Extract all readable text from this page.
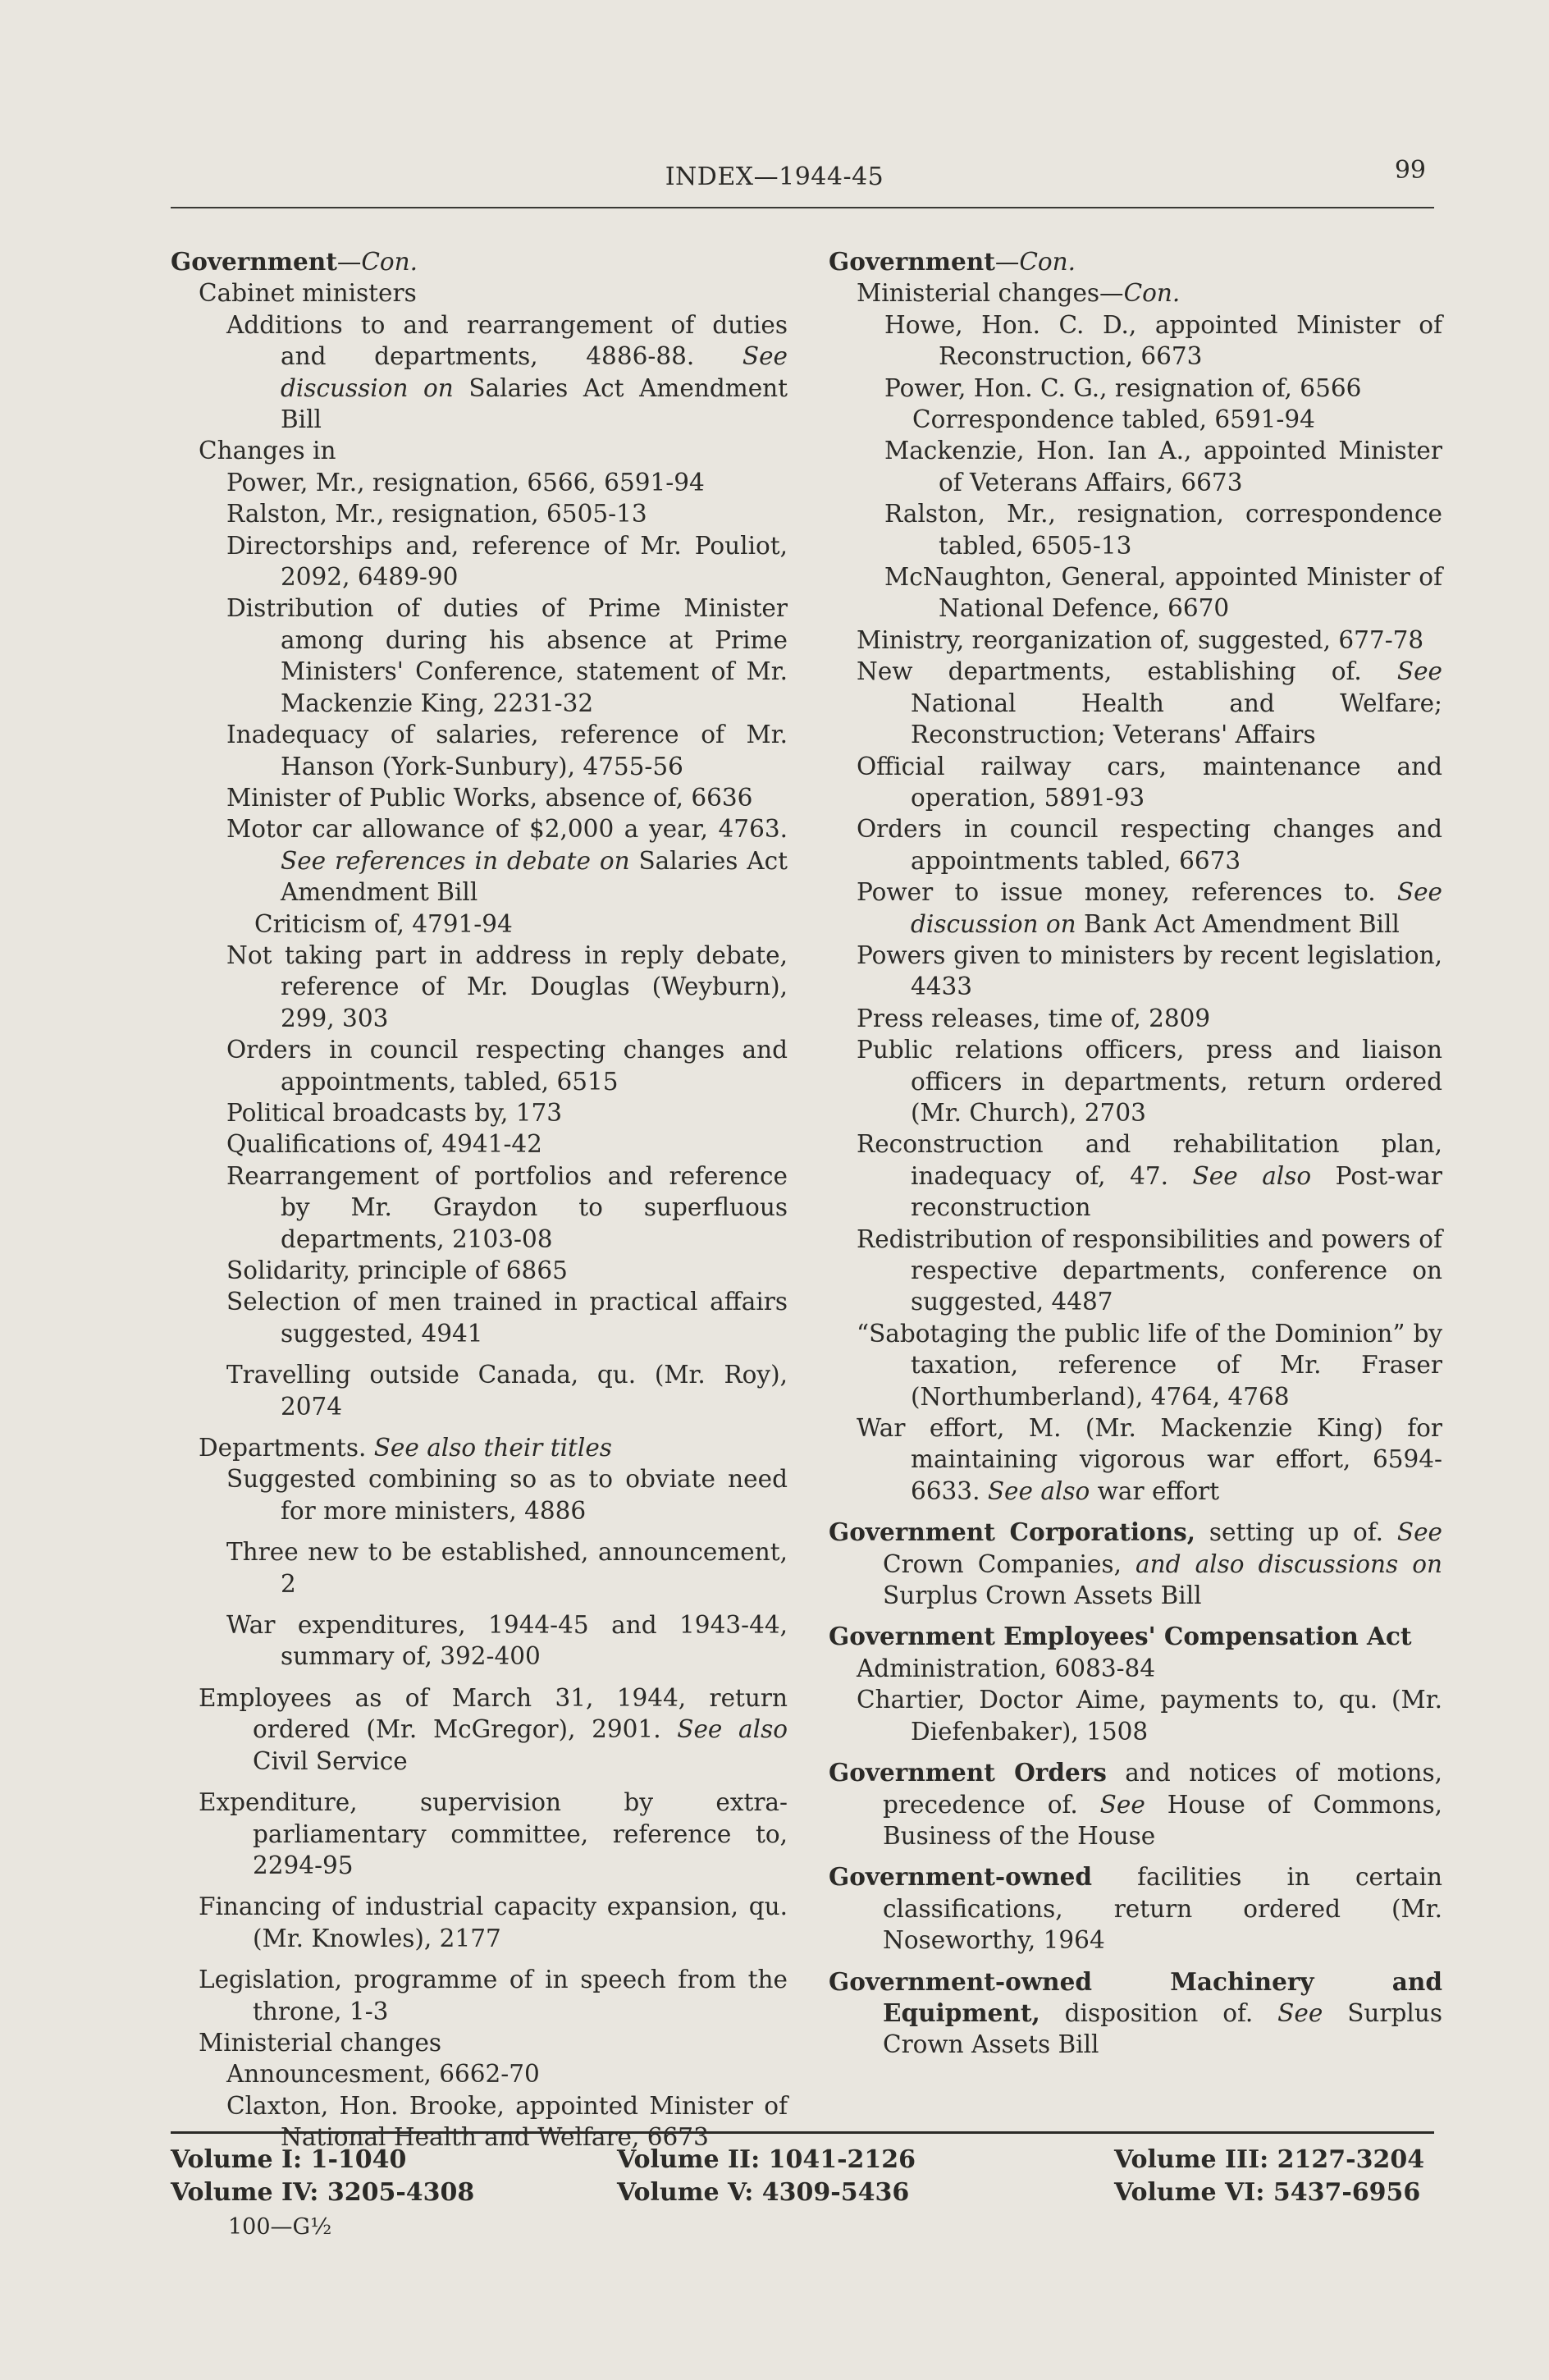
INDEX—1944-45	99
Government—Con.
Cabinet ministers
Additions to and rearrangement of duties and departments, 4886-88. See discussion on Salaries Act Amendment Bill
Changes in
Power, Mr., resignation, 6566, 6591-94
Ralston, Mr., resignation, 6505-13
Directorships and, reference of Mr. Pouliot, 2092, 6489-90
Distribution of duties of Prime Minister among during his absence at Prime Ministers' Conference, statement of Mr. Mackenzie King, 2231-32
Inadequacy of salaries, reference of Mr. Hanson (York-Sunbury), 4755-56
Minister of Public Works, absence of, 6636
Motor car allowance of $2,000 a year, 4763. See references in debate on Salaries Act Amendment Bill
Criticism of, 4791-94
Not taking part in address in reply debate, reference of Mr. Douglas (Weyburn), 299, 303
Orders in council respecting changes and appointments, tabled, 6515
Political broadcasts by, 173
Qualifications of, 4941-42
Rearrangement of portfolios and reference by Mr. Graydon to superfluous departments, 2103-08
Solidarity, principle of 6865
Selection of men trained in practical affairs suggested, 4941
Travelling outside Canada, qu. (Mr. Roy), 2074
Departments. See also their titles
Suggested combining so as to obviate need for more ministers, 4886
Three new to be established, announcement, 2
War expenditures, 1944-45 and 1943-44, summary of, 392-400
Employees as of March 31, 1944, return ordered (Mr. McGregor), 2901. See also Civil Service
Expenditure, supervision by extra-parliamentary committee, reference to, 2294-95
Financing of industrial capacity expansion, qu. (Mr. Knowles), 2177
Legislation, programme of in speech from the throne, 1-3
Ministerial changes
Announcesment, 6662-70
Claxton, Hon. Brooke, appointed Minister of National Health and Welfare, 6673
Government—Con.
Ministerial changes—Con.
Howe, Hon. C. D., appointed Minister of Reconstruction, 6673
Power, Hon. C. G., resignation of, 6566
Correspondence tabled, 6591-94
Mackenzie, Hon. Ian A., appointed Minister of Veterans Affairs, 6673
Ralston, Mr., resignation, correspondence tabled, 6505-13
McNaughton, General, appointed Minister of National Defence, 6670
Ministry, reorganization of, suggested, 677-78
New departments, establishing of. See National Health and Welfare; Reconstruction; Veterans' Affairs
Official railway cars, maintenance and operation, 5891-93
Orders in council respecting changes and appointments tabled, 6673
Power to issue money, references to. See discussion on Bank Act Amendment Bill
Powers given to ministers by recent legislation, 4433
Press releases, time of, 2809
Public relations officers, press and liaison officers in departments, return ordered (Mr. Church), 2703
Reconstruction and rehabilitation plan, inadequacy of, 47. See also Post-war reconstruction
Redistribution of responsibilities and powers of respective departments, conference on suggested, 4487
“Sabotaging the public life of the Dominion” by taxation, reference of Mr. Fraser (Northumberland), 4764, 4768
War effort, M. (Mr. Mackenzie King) for maintaining vigorous war effort, 6594-6633. See also war effort
Government Corporations, setting up of. See Crown Companies, and also discussions on Surplus Crown Assets Bill
Government Employees' Compensation Act
Administration, 6083-84
Chartier, Doctor Aime, payments to, qu. (Mr. Diefenbaker), 1508
Government Orders and notices of motions, precedence of. See House of Commons, Business of the House
Government-owned facilities in certain classifications, return ordered (Mr. Noseworthy, 1964
Government-owned Machinery and Equipment, disposition of. See Surplus Crown Assets Bill
Volume I: 1-1040	Volume II: 1041-2126	Volume III: 2127-3204
Volume IV: 3205-4308	Volume V: 4309-5436	Volume VI: 5437-6956
100—G½
